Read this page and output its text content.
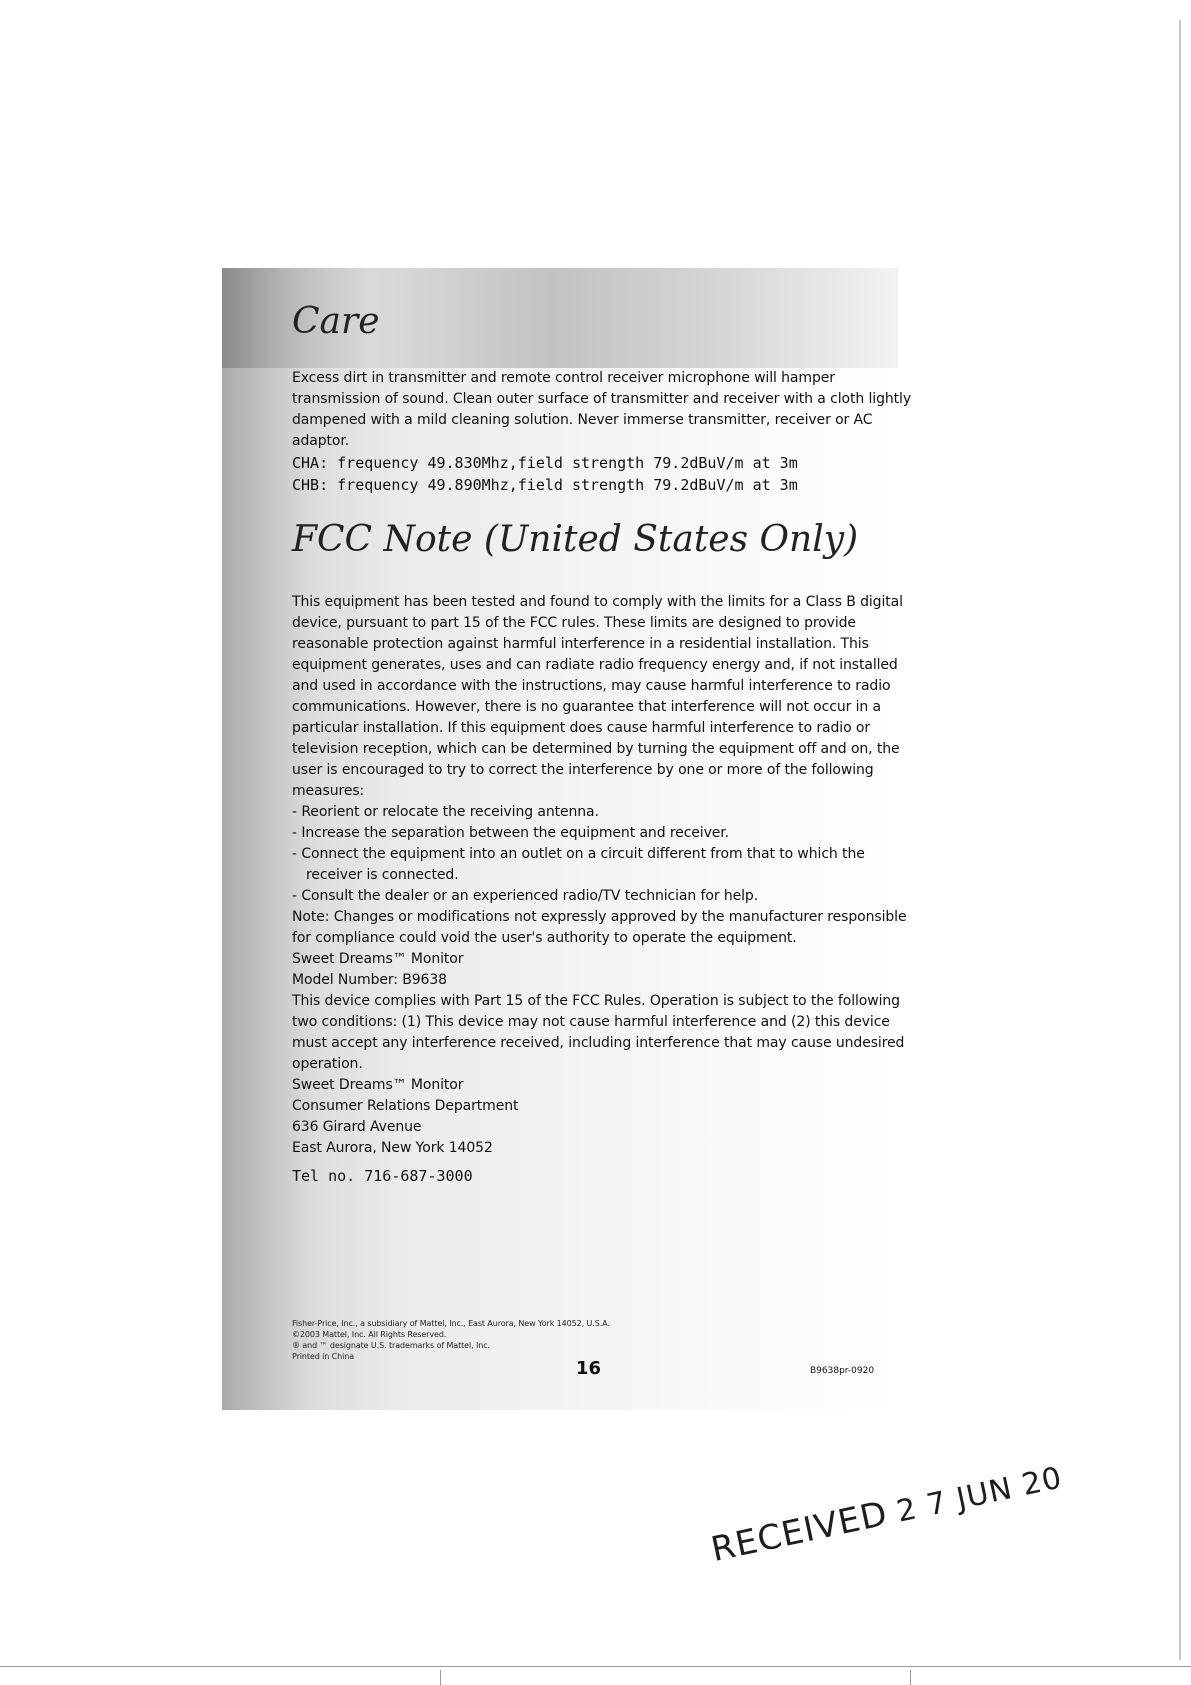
Care

Excess dirt in transmitter and remote control receiver microphone will hamper transmission of sound. Clean outer surface of transmitter and receiver with a cloth lightly dampened with a mild cleaning solution. Never immerse transmitter, receiver or AC adaptor.

CHA: frequency 49.830Mhz,field strength 79.2dBuV/m at 3m
CHB: frequency 49.890Mhz,field strength 79.2dBuV/m at 3m
FCC Note (United States Only)

This equipment has been tested and found to comply with the limits for a Class B digital device, pursuant to part 15 of the FCC rules. These limits are designed to provide reasonable protection against harmful interference in a residential installation. This equipment generates, uses and can radiate radio frequency energy and, if not installed and used in accordance with the instructions, may cause harmful interference to radio communications. However, there is no guarantee that interference will not occur in a particular installation. If this equipment does cause harmful interference to radio or television reception, which can be determined by turning the equipment off and on, the user is encouraged to try to correct the interference by one or more of the following measures:

- Reorient or relocate the receiving antenna.

- Increase the separation between the equipment and receiver.

- Connect the equipment into an outlet on a circuit different from that to which the receiver is connected.

- Consult the dealer or an experienced radio/TV technician for help.

Note: Changes or modifications not expressly approved by the manufacturer responsible for compliance could void the user's authority to operate the equipment.

Sweet Dreams™ Monitor

Model Number: B9638

This device complies with Part 15 of the FCC Rules. Operation is subject to the following two conditions: (1) This device may not cause harmful interference and (2) this device must accept any interference received, including interference that may cause undesired operation.

Sweet Dreams™ Monitor

Consumer Relations Department

636 Girard Avenue

East Aurora, New York 14052

Tel no. 716-687-3000

Fisher-Price, Inc., a subsidiary of Mattel, Inc., East Aurora, New York 14052, U.S.A.

©2003 Mattel, Inc. All Rights Reserved.

® and ™ designate U.S. trademarks of Mattel, Inc.

Printed in China

16	B9638pr-0920
RECEIVED2 7 JUN 20
